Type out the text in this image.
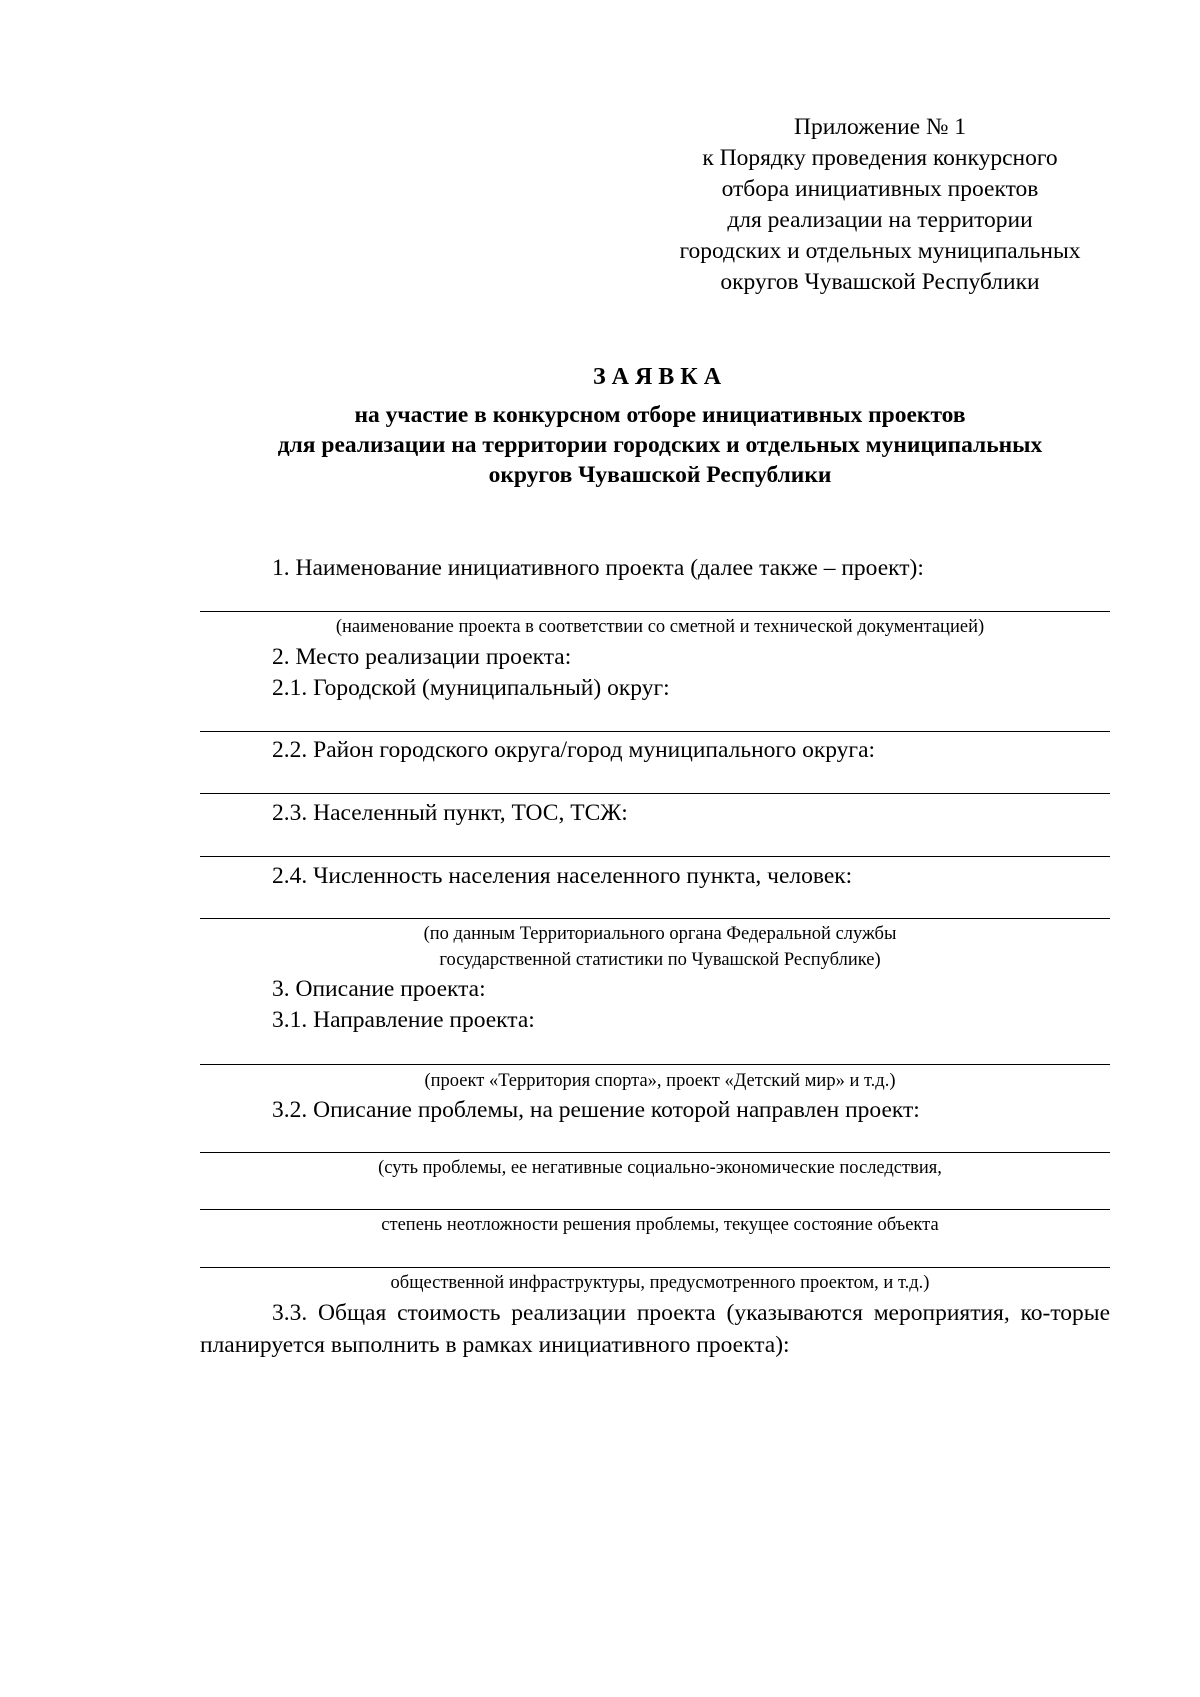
Приложение № 1
к Порядку проведения конкурсного
отбора инициативных проектов
для реализации на территории
городских и отдельных муниципальных
округов Чувашской Республики
ЗАЯВКА
на участие в конкурсном отборе инициативных проектов
для реализации на территории городских и отдельных муниципальных
округов Чувашской Республики
1. Наименование инициативного проекта (далее также – проект):
(наименование проекта в соответствии со сметной и технической документацией)
2. Место реализации проекта:
2.1. Городской (муниципальный) округ:
2.2. Район городского округа/город муниципального округа:
2.3. Населенный пункт, ТОС, ТСЖ:
2.4. Численность населения населенного пункта, человек:
(по данным Территориального органа Федеральной службы
государственной статистики по Чувашской Республике)
3. Описание проекта:
3.1. Направление проекта:
(проект «Территория спорта», проект «Детский мир» и т.д.)
3.2. Описание проблемы, на решение которой направлен проект:
(суть проблемы, ее негативные социально-экономические последствия,
степень неотложности решения проблемы, текущее состояние объекта
общественной инфраструктуры, предусмотренного проектом, и т.д.)
3.3. Общая стоимость реализации проекта (указываются мероприятия, ко-торые планируется выполнить в рамках инициативного проекта):
